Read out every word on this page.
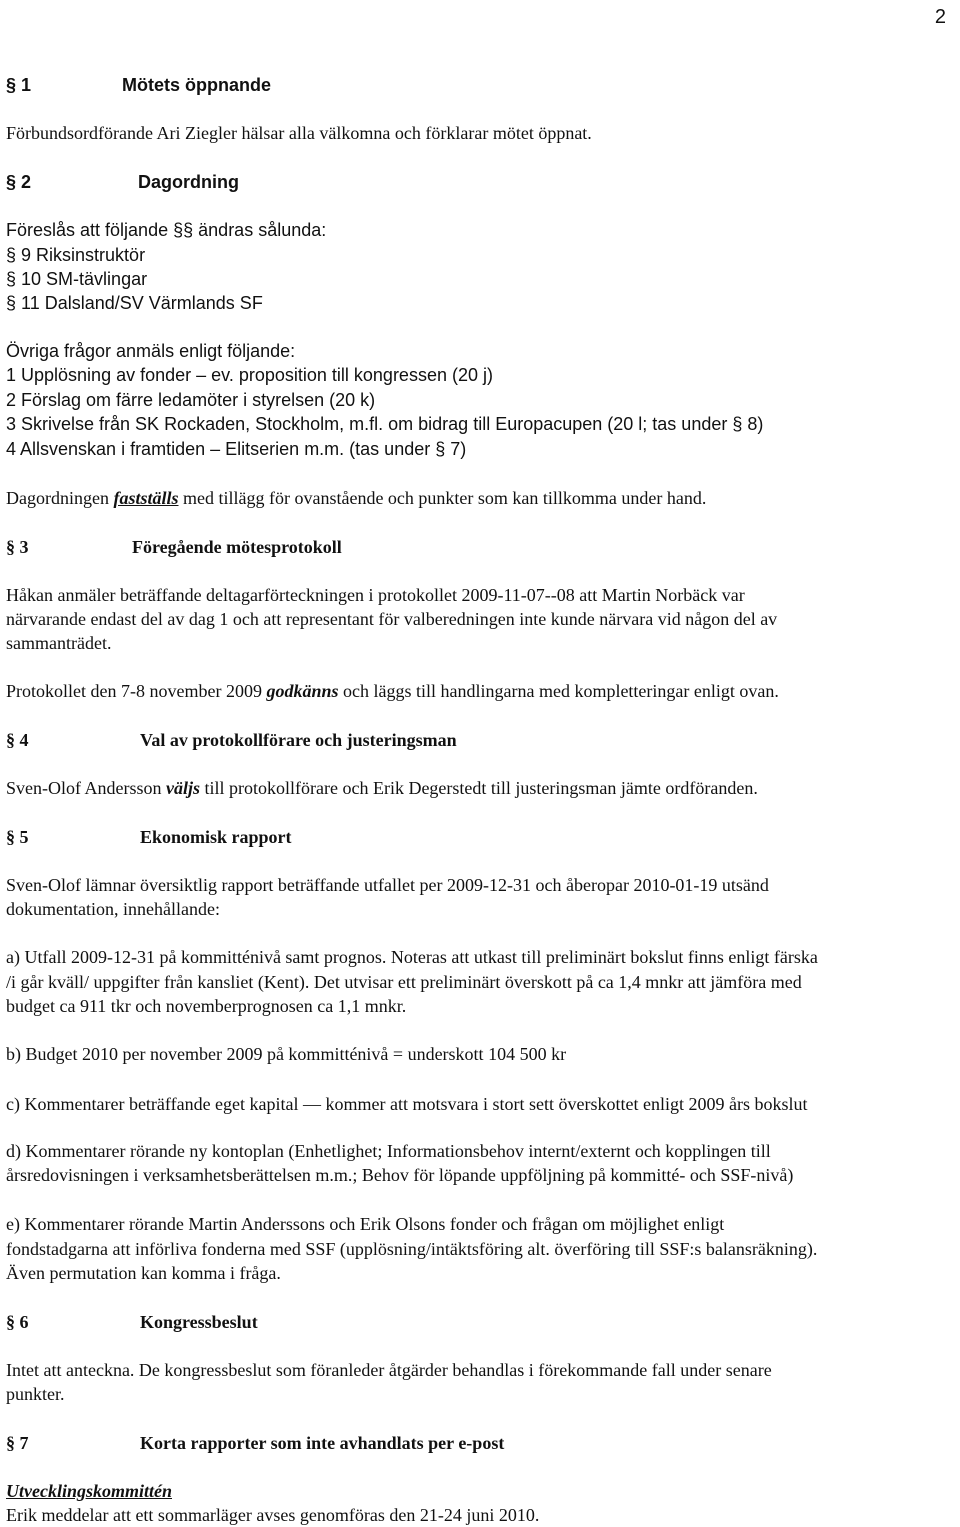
2
§ 1	Mötets öppnande
Förbundsordförande Ari Ziegler hälsar alla välkomna och förklarar mötet öppnat.
§ 2	Dagordning
Föreslås att följande §§ ändras sålunda:
§ 9 Riksinstruktör
§ 10 SM-tävlingar
§ 11 Dalsland/SV Värmlands SF
Övriga frågor anmäls enligt följande:
1 Upplösning av fonder – ev. proposition till kongressen (20 j)
2 Förslag om färre ledamöter i styrelsen (20 k)
3 Skrivelse från SK Rockaden, Stockholm, m.fl. om bidrag till Europacupen (20 l; tas under § 8)
4 Allsvenskan i framtiden – Elitserien m.m. (tas under § 7)
Dagordningen fastställs med tillägg för ovanstående och punkter som kan tillkomma under hand.
§ 3	Föregående mötesprotokoll
Håkan anmäler beträffande deltagarförteckningen i protokollet 2009-11-07--08 att Martin Norbäck var
närvarande endast del av dag 1 och att representant för valberedningen inte kunde närvara vid någon del av
sammanträdet.
Protokollet den 7-8 november 2009 godkänns och läggs till handlingarna med kompletteringar enligt ovan.
§ 4	Val av protokollförare och justeringsman
Sven-Olof Andersson väljs till protokollförare och Erik Degerstedt till justeringsman jämte ordföranden.
§ 5	Ekonomisk rapport
Sven-Olof lämnar översiktlig rapport beträffande utfallet per 2009-12-31 och åberopar 2010-01-19 utsänd
dokumentation, innehållande:
a) Utfall 2009-12-31 på kommitténivå samt prognos. Noteras att utkast till preliminärt bokslut finns enligt färska
/i går kväll/ uppgifter från kansliet (Kent). Det utvisar ett preliminärt överskott på ca 1,4 mnkr att jämföra med
budget ca 911 tkr och novemberprognosen ca 1,1 mnkr.
b) Budget 2010 per november 2009 på kommitténivå = underskott 104 500 kr
c) Kommentarer beträffande eget kapital — kommer att motsvara i stort sett överskottet enligt 2009 års bokslut
d) Kommentarer rörande ny kontoplan (Enhetlighet; Informationsbehov internt/externt och kopplingen till
årsredovisningen i verksamhetsberättelsen m.m.; Behov för löpande uppföljning på kommitté- och SSF-nivå)
e) Kommentarer rörande Martin Anderssons och Erik Olsons fonder och frågan om möjlighet enligt
fondstadgarna att införliva fonderna med SSF (upplösning/intäktsföring alt. överföring till SSF:s balansräkning).
Även permutation kan komma i fråga.
§ 6	Kongressbeslut
Intet att anteckna. De kongressbeslut som föranleder åtgärder behandlas i förekommande fall under senare
punkter.
§ 7	Korta rapporter som inte avhandlats per e-post
Utvecklingskommittén
Erik meddelar att ett sommarläger avses genomföras den 21-24 juni 2010.
